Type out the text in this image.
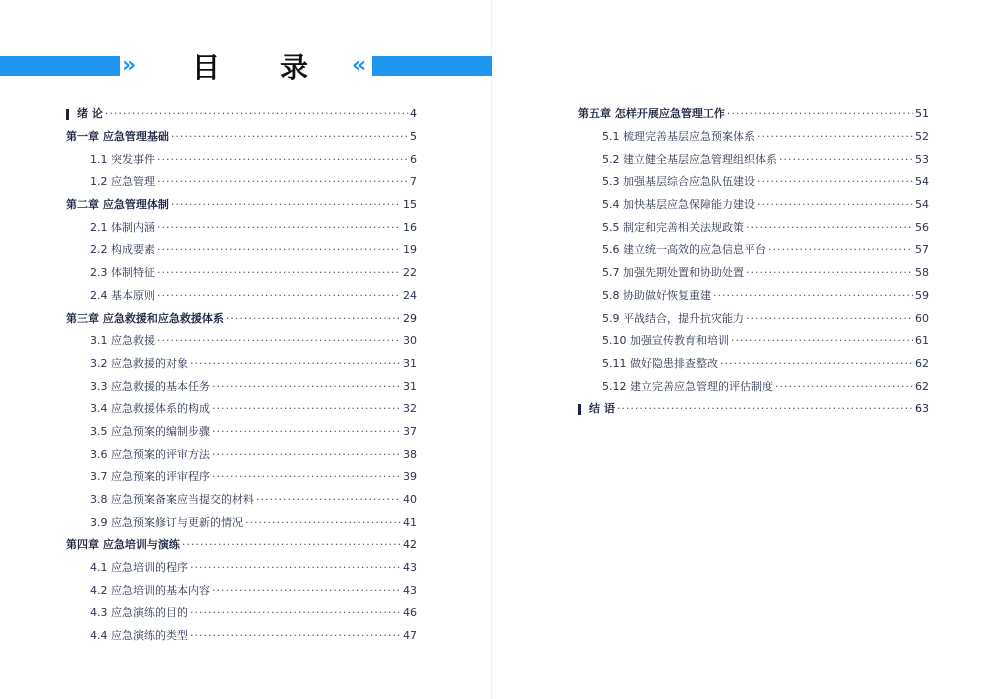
» 目 录 «
绪 论 ·····	4
第一章 应急管理基础 ·····	5
1.1 突发事件 ·····	6
1.2 应急管理 ·····	7
第二章 应急管理体制 ·····	15
2.1 体制内涵 ·····	16
2.2 构成要素 ·····	19
2.3 体制特征 ·····	22
2.4 基本原则 ·····	24
第三章 应急救援和应急救援体系 ·····	29
3.1 应急救援 ·····	30
3.2 应急救援的对象 ·····	31
3.3 应急救援的基本任务 ·····	31
3.4 应急救援体系的构成 ·····	32
3.5 应急预案的编制步骤 ·····	37
3.6 应急预案的评审方法 ·····	38
3.7 应急预案的评审程序 ·····	39
3.8 应急预案备案应当提交的材料 ·····	40
3.9 应急预案修订与更新的情况 ·····	41
第四章 应急培训与演练 ·····	42
4.1 应急培训的程序 ·····	43
4.2 应急培训的基本内容 ·····	43
4.3 应急演练的目的 ·····	46
4.4 应急演练的类型 ·····	47
第五章 怎样开展应急管理工作 ·····	51
5.1 梳理完善基层应急预案体系 ·····	52
5.2 建立健全基层应急管理组织体系 ·····	53
5.3 加强基层综合应急队伍建设 ·····	54
5.4 加快基层应急保障能力建设 ·····	54
5.5 制定和完善相关法规政策 ·····	56
5.6 建立统一高效的应急信息平台 ·····	57
5.7 加强先期处置和协助处置 ·····	58
5.8 协助做好恢复重建 ·····	59
5.9 平战结合，提升抗灾能力 ·····	60
5.10 加强宣传教育和培训 ·····	61
5.11 做好隐患排查整改 ·····	62
5.12 建立完善应急管理的评估制度 ·····	62
结 语 ·····	63
